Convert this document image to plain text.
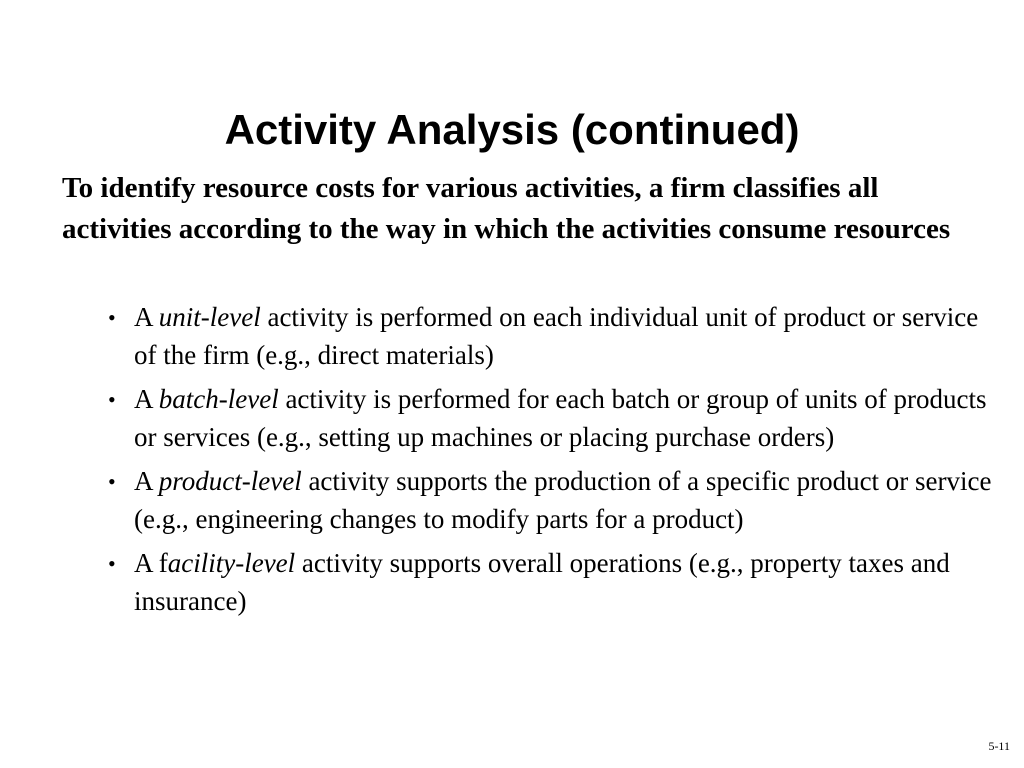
Activity Analysis (continued)

To identify resource costs for various activities, a firm classifies all activities according to the way in which the activities consume resources

• A unit-level activity is performed on each individual unit of product or service of the firm (e.g., direct materials)
• A batch-level activity is performed for each batch or group of units of products or services (e.g., setting up machines or placing purchase orders)
• A product-level activity supports the production of a specific product or service (e.g., engineering changes to modify parts for a product)
• A facility-level activity supports overall operations (e.g., property taxes and insurance)
5-11
